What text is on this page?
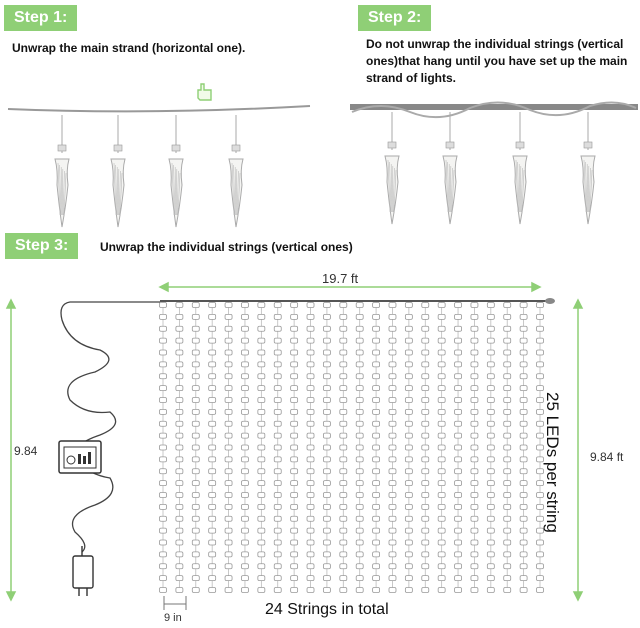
Step 1:
Unwrap the main strand (horizontal one).
Step 2:
Do not unwrap the individual strings (vertical ones)that hang until you have set up the main strand of lights.
Step 3:	Unwrap the individual strings (vertical ones)
19.7 ft
9.84	9.84 ft
9 in
25 LEDs per string
24 Strings in total
